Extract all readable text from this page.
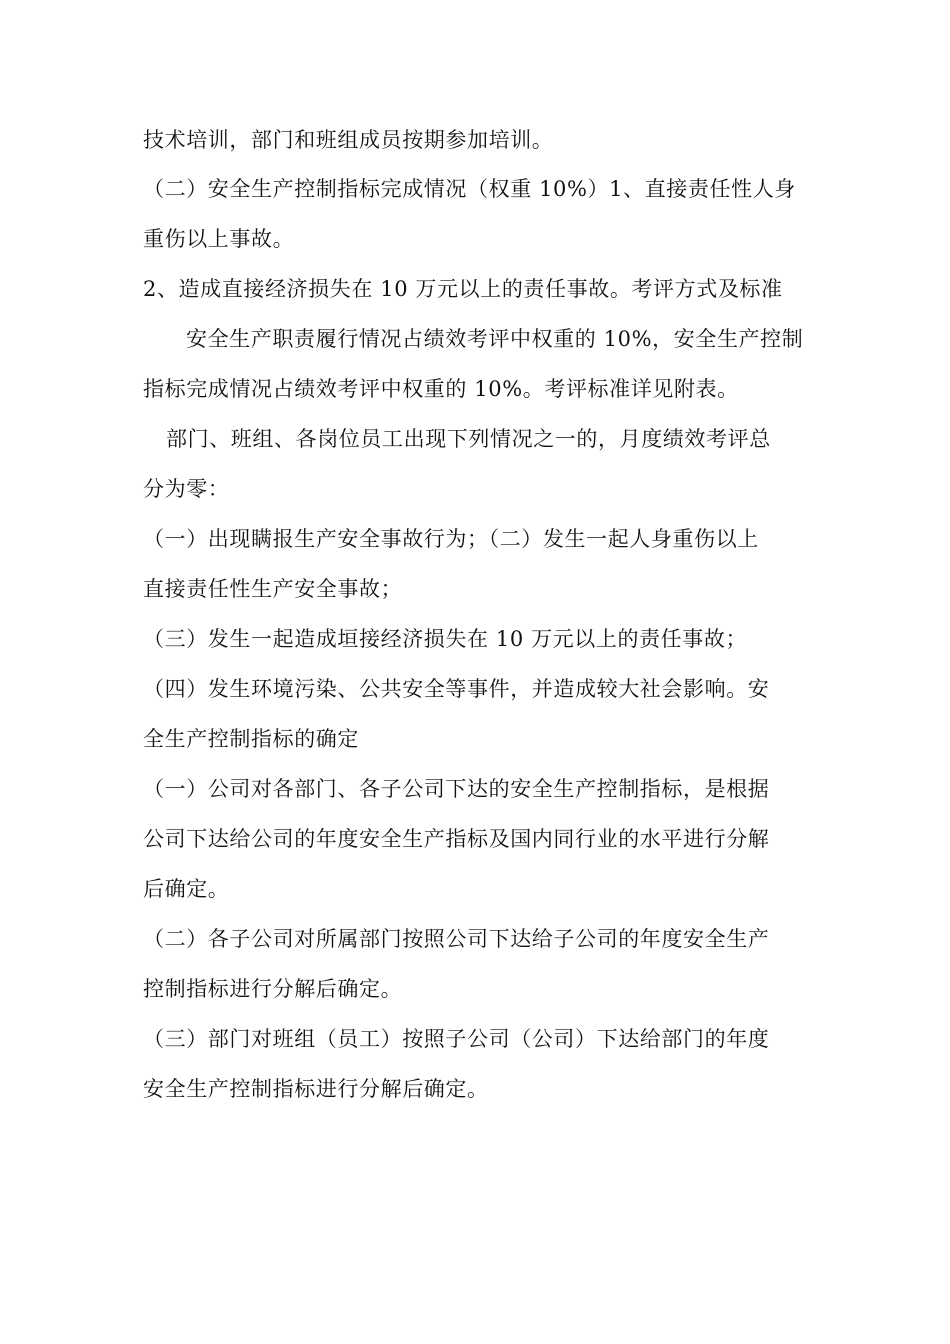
技术培训，部门和班组成员按期参加培训。
（二）安全生产控制指标完成情况（权重 10%）1、直接责任性人身
重伤以上事故。
2、造成直接经济损失在 10 万元以上的责任事故。考评方式及标准
安全生产职责履行情况占绩效考评中权重的 10%，安全生产控制
指标完成情况占绩效考评中权重的 10%。考评标准详见附表。
部门、班组、各岗位员工出现下列情况之一的，月度绩效考评总
分为零：
（一）出现瞒报生产安全事故行为；（二）发生一起人身重伤以上
直接责任性生产安全事故；
（三）发生一起造成垣接经济损失在 10 万元以上的责任事故；
（四）发生环境污染、公共安全等事件，并造成较大社会影响。安
全生产控制指标的确定
（一）公司对各部门、各子公司下达的安全生产控制指标，是根据
公司下达给公司的年度安全生产指标及国内同行业的水平进行分解
后确定。
（二）各子公司对所属部门按照公司下达给子公司的年度安全生产
控制指标进行分解后确定。
（三）部门对班组（员工）按照子公司（公司）下达给部门的年度
安全生产控制指标进行分解后确定。
